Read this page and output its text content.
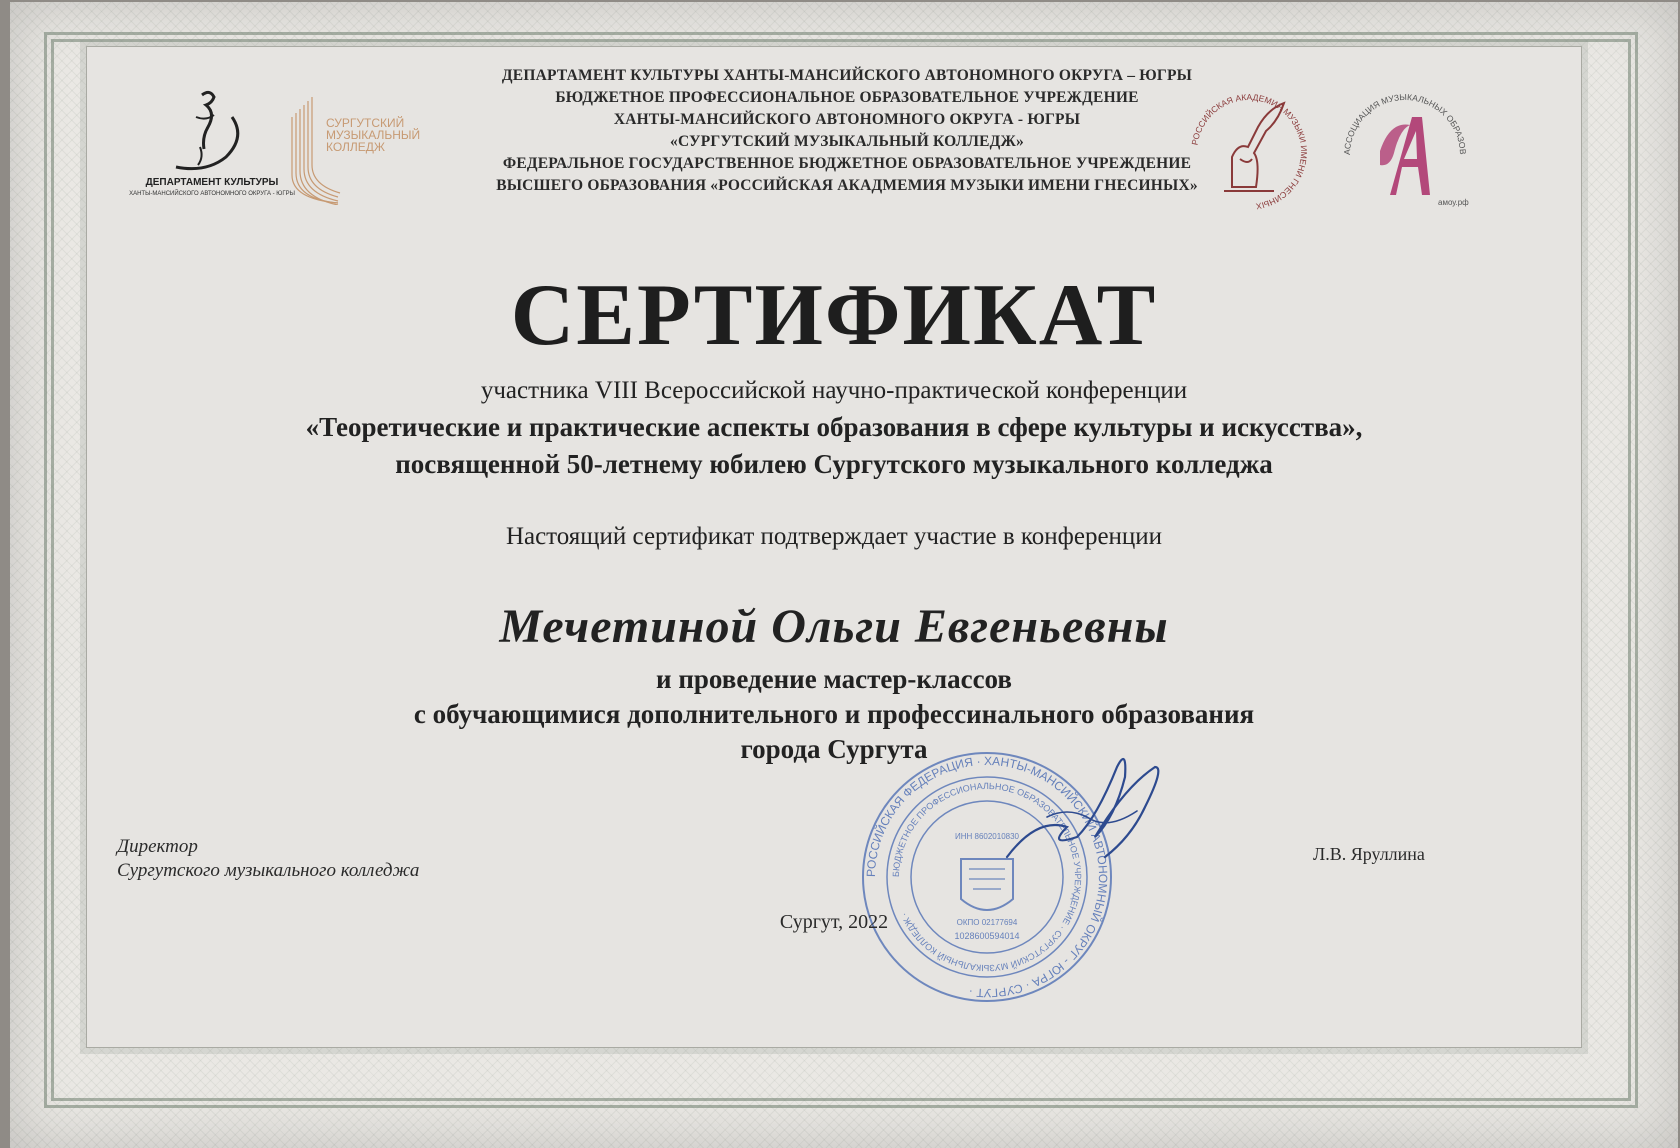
ДЕПАРТАМЕНТ КУЛЬТУРЫ
ХАНТЫ-МАНСИЙСКОГО АВТОНОМНОГО ОКРУГА - ЮГРЫ
СУРГУТСКИЙ
МУЗЫКАЛЬНЫЙ
КОЛЛЕДЖ
ДЕПАРТАМЕНТ КУЛЬТУРЫ ХАНТЫ-МАНСИЙСКОГО АВТОНОМНОГО ОКРУГА – ЮГРЫ
БЮДЖЕТНОЕ ПРОФЕССИОНАЛЬНОЕ ОБРАЗОВАТЕЛЬНОЕ УЧРЕЖДЕНИЕ
ХАНТЫ-МАНСИЙСКОГО АВТОНОМНОГО ОКРУГА - ЮГРЫ
«СУРГУТСКИЙ МУЗЫКАЛЬНЫЙ КОЛЛЕДЖ»
ФЕДЕРАЛЬНОЕ ГОСУДАРСТВЕННОЕ БЮДЖЕТНОЕ ОБРАЗОВАТЕЛЬНОЕ УЧРЕЖДЕНИЕ
ВЫСШЕГО ОБРАЗОВАНИЯ «РОССИЙСКАЯ АКАДМЕМИЯ МУЗЫКИ ИМЕНИ ГНЕСИНЫХ»
РОССИЙСКАЯ АКАДЕМИЯ МУЗЫКИ ИМЕНИ ГНЕСИНЫХ
АССОЦИАЦИЯ МУЗЫКАЛЬНЫХ ОБРАЗОВ
амоу.рф
СЕРТИФИКАТ
участника VIII Всероссийской научно-практической конференции
«Теоретические и практические аспекты образования в сфере культуры и искусства»,
посвященной 50-летнему юбилею Сургутского музыкального колледжа
Настоящий сертификат подтверждает участие в конференции
Мечетиной Ольги Евгеньевны
и проведение мастер-классов
с обучающимися дополнительного и профессинального образования
города Сургута
Директор
Сургутского музыкального колледжа
Л.В. Яруллина
РОССИЙСКАЯ ФЕДЕРАЦИЯ · ХАНТЫ-МАНСИЙСКИЙ АВТОНОМНЫЙ ОКРУГ - ЮГРА · СУРГУТ ·
БЮДЖЕТНОЕ ПРОФЕССИОНАЛЬНОЕ ОБРАЗОВАТЕЛЬНОЕ УЧРЕЖДЕНИЕ · СУРГУТСКИЙ МУЗЫКАЛЬНЫЙ КОЛЛЕДЖ ·
ИНН 8602010830
ОКПО 02177694
1028600594014
Сургут, 2022
